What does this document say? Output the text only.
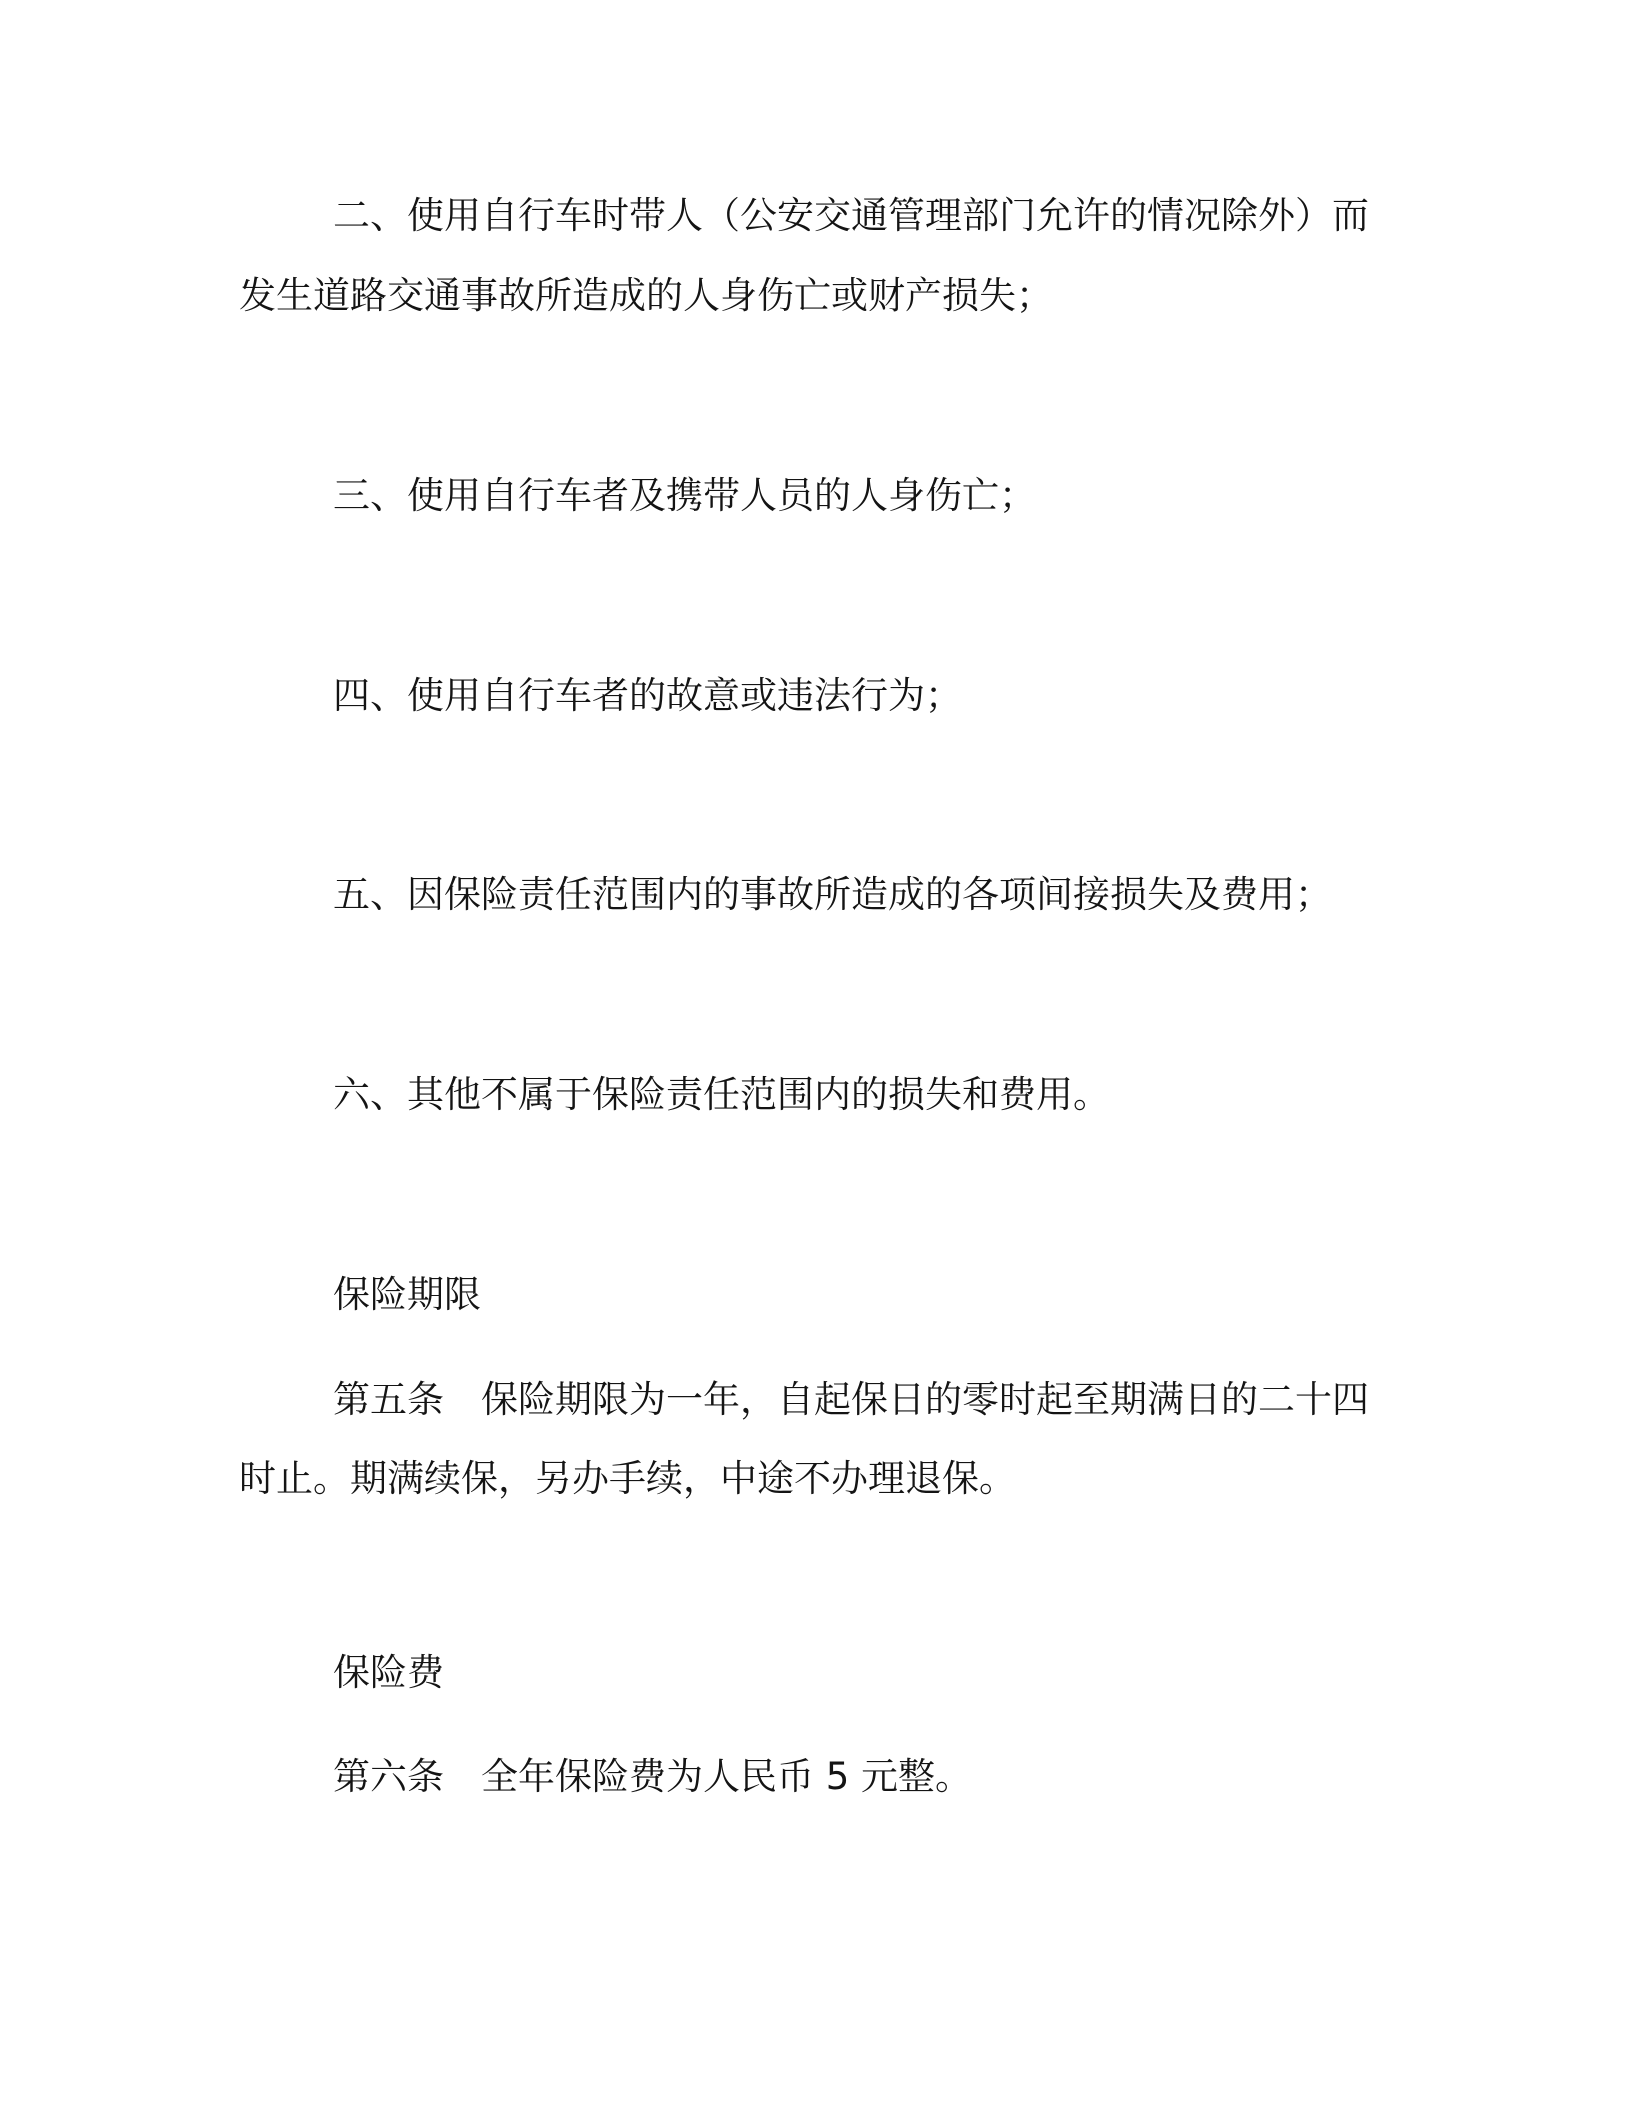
二、使用自行车时带人（公安交通管理部门允许的情况除外）而
发生道路交通事故所造成的人身伤亡或财产损失；
三、使用自行车者及携带人员的人身伤亡；
四、使用自行车者的故意或违法行为；
五、因保险责任范围内的事故所造成的各项间接损失及费用；
六、其他不属于保险责任范围内的损失和费用。
保险期限
第五条　保险期限为一年，自起保日的零时起至期满日的二十四
时止。期满续保，另办手续，中途不办理退保。
保险费
第六条　全年保险费为人民币 5 元整。
